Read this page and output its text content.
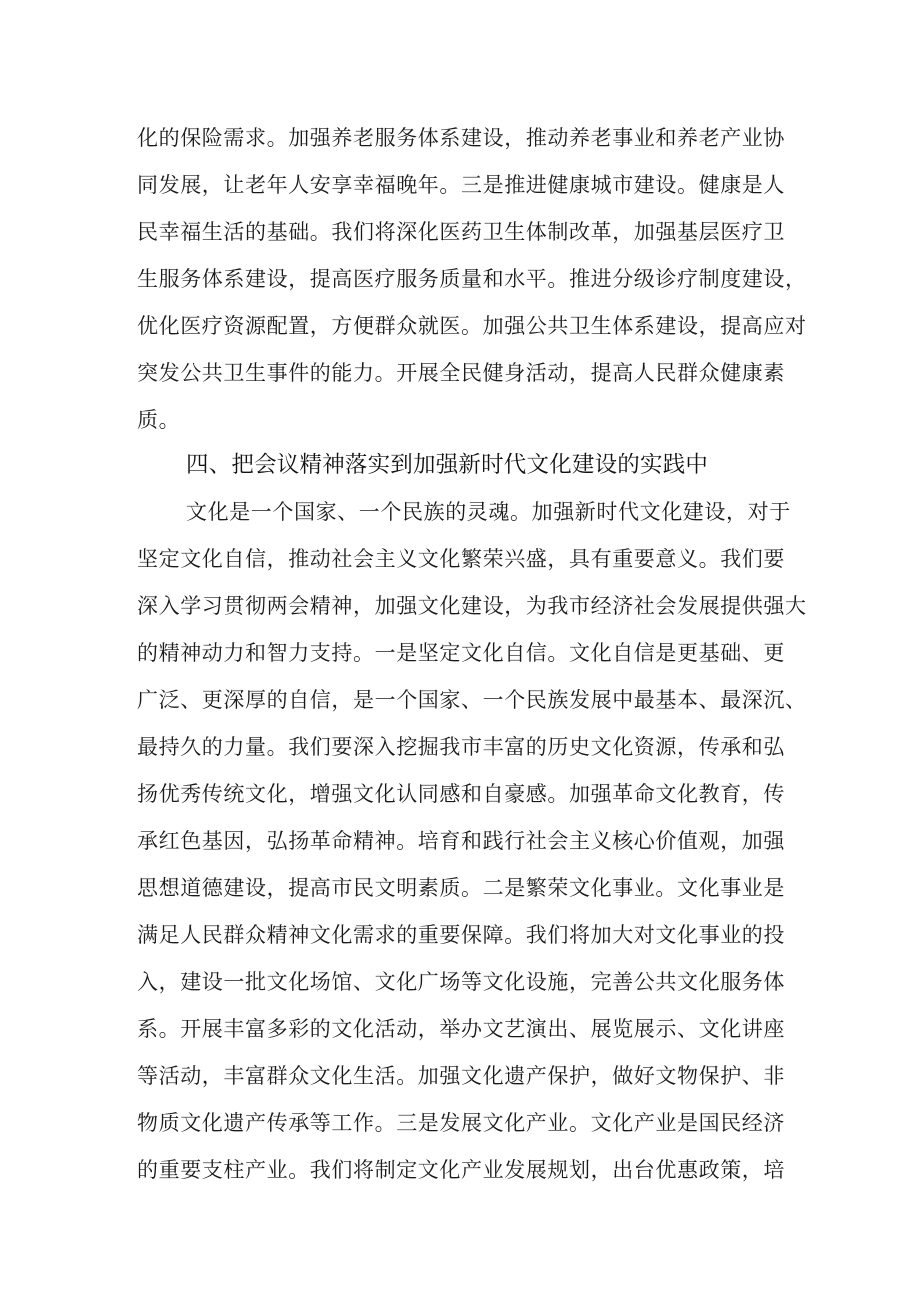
化的保险需求。加强养老服务体系建设，推动养老事业和养老产业协
同发展，让老年人安享幸福晚年。三是推进健康城市建设。健康是人
民幸福生活的基础。我们将深化医药卫生体制改革，加强基层医疗卫
生服务体系建设，提高医疗服务质量和水平。推进分级诊疗制度建设，
优化医疗资源配置，方便群众就医。加强公共卫生体系建设，提高应对
突发公共卫生事件的能力。开展全民健身活动，提高人民群众健康素
质。
四、把会议精神落实到加强新时代文化建设的实践中
文化是一个国家、一个民族的灵魂。加强新时代文化建设，对于
坚定文化自信，推动社会主义文化繁荣兴盛，具有重要意义。我们要
深入学习贯彻两会精神，加强文化建设，为我市经济社会发展提供强大
的精神动力和智力支持。一是坚定文化自信。文化自信是更基础、更
广泛、更深厚的自信，是一个国家、一个民族发展中最基本、最深沉、
最持久的力量。我们要深入挖掘我市丰富的历史文化资源，传承和弘
扬优秀传统文化，增强文化认同感和自豪感。加强革命文化教育，传
承红色基因，弘扬革命精神。培育和践行社会主义核心价值观，加强
思想道德建设，提高市民文明素质。二是繁荣文化事业。文化事业是
满足人民群众精神文化需求的重要保障。我们将加大对文化事业的投
入，建设一批文化场馆、文化广场等文化设施，完善公共文化服务体
系。开展丰富多彩的文化活动，举办文艺演出、展览展示、文化讲座
等活动，丰富群众文化生活。加强文化遗产保护，做好文物保护、非
物质文化遗产传承等工作。三是发展文化产业。文化产业是国民经济
的重要支柱产业。我们将制定文化产业发展规划，出台优惠政策，培
